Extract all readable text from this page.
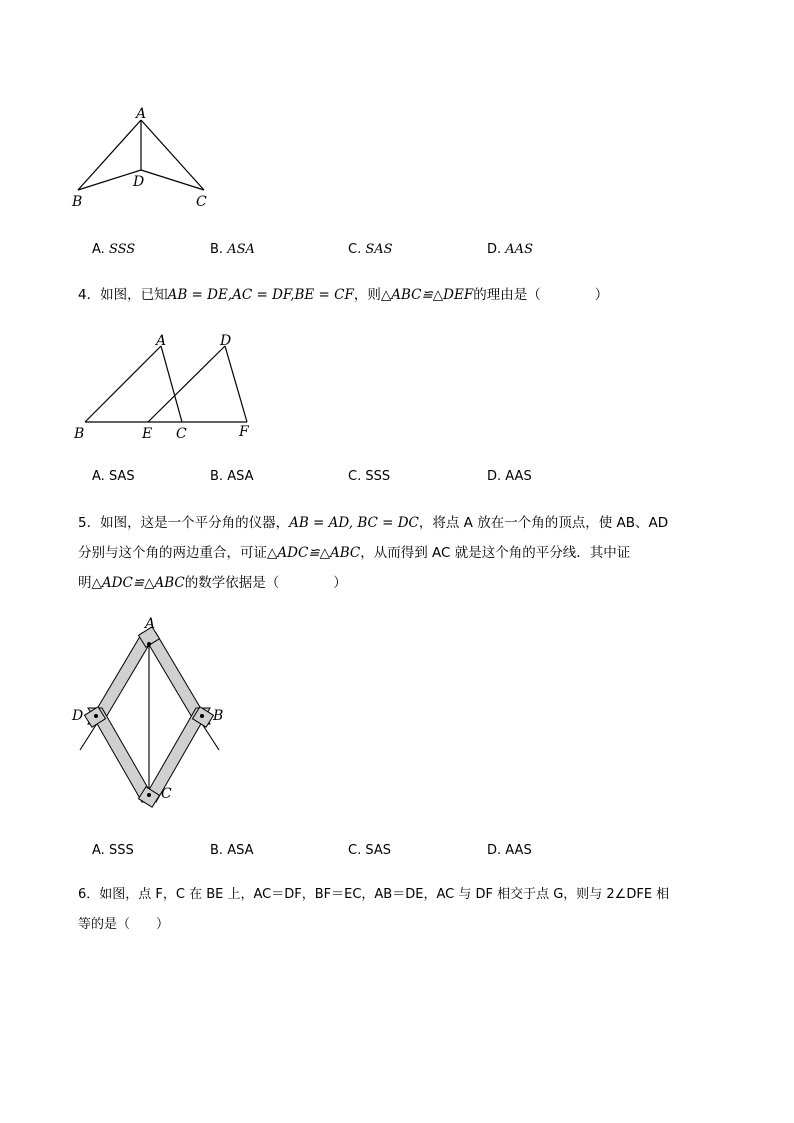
A
B	C
D
A. SSS	B. ASA	C. SAS	D. AAS
4．如图，已知AB = DE,AC = DF,BE = CF，则△ABC≌△DEF的理由是（　　　　）
A	D
B	E C	F
A. SAS	B. ASA	C. SSS	D. AAS
5．如图，这是一个平分角的仪器，AB = AD, BC = DC，将点 A 放在一个角的顶点，使 AB、AD
分别与这个角的两边重合，可证△ADC≌△ABC，从而得到 AC 就是这个角的平分线．其中证
明△ADC≌△ABC的数学依据是（　　　　）
A
D	B
C
A. SSS	B. ASA	C. SAS	D. AAS
6．如图，点 F，C 在 BE 上，AC＝DF，BF＝EC，AB＝DE，AC 与 DF 相交于点 G，则与 2∠DFE 相
等的是（　　）
